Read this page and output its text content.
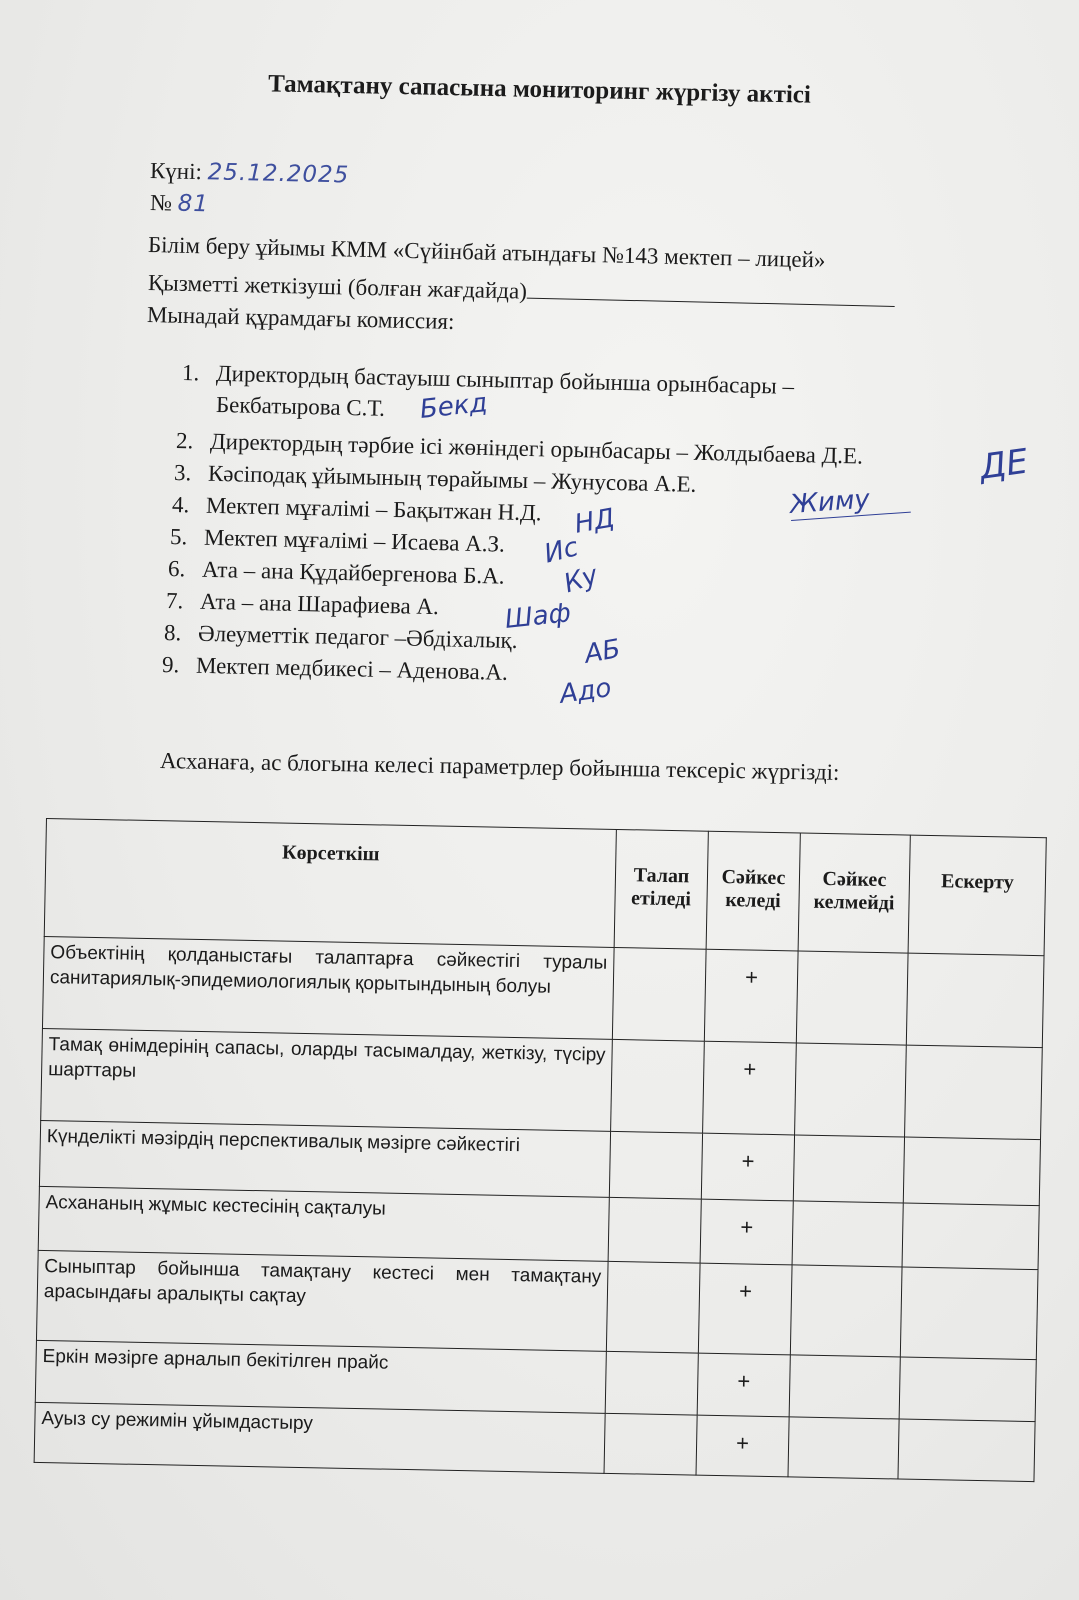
Тамақтану сапасына мониторинг жүргізу актісі
Күні: 25.12.2025
№ 81
Білім беру ұйымы КММ «Сүйінбай атындағы №143 мектеп – лицей»
Қызметті жеткізуші (болған жағдайда)
Мынадай құрамдағы комиссия:
1. Директордың бастауыш сыныптар бойынша орынбасары –
Бекбатырова С.Т.
2. Директордың тәрбие ісі жөніндегі орынбасары – Жолдыбаева Д.Е.
3. Кәсіподақ ұйымының төрайымы – Жунусова А.Е.
4. Мектеп мұғалімі – Бақытжан Н.Д.
5. Мектеп мұғалімі – Исаева А.З.
6. Ата – ана Құдайбергенова Б.А.
7. Ата – ана Шарафиева А.
8. Әлеуметтік педагог –Әбдіхалық.
9. Мектеп медбикесі – Аденова.А.
Бекд
ДЕ
Жиму
НД
Ис
Ку
Шаф
АБ
Адо
Асханаға, ас блогына келесі параметрлер бойынша тексеріс жүргізді:
Көрсеткіш	Талап етіледі	Сәйкес келеді	Сәйкес келмейді	Ескерту
Объектінің қолданыстағы талаптарға сәйкестігі туралы санитариялық-эпидемиологиялық қорытындының болуы		+		
Тамақ өнімдерінің сапасы, оларды тасымалдау, жеткізу, түсіру шарттары		+		
Күнделікті мәзірдің перспективалық мәзірге сәйкестігі		+		
Асхананың жұмыс кестесінің сақталуы		+		
Сыныптар бойынша тамақтану кестесі мен тамақтану арасындағы аралықты сақтау		+		
Еркін мәзірге арналып бекітілген прайс		+		
Ауыз су режимін ұйымдастыру		+		
